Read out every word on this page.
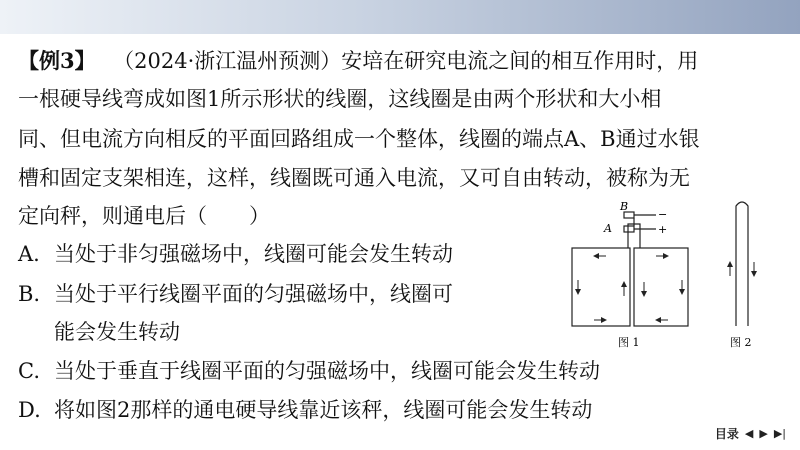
【例3】 （2024·浙江温州预测）安培在研究电流之间的相互作用时，用
一根硬导线弯成如图1所示形状的线圈，这线圈是由两个形状和大小相
同、但电流方向相反的平面回路组成一个整体，线圈的端点A、B通过水银
槽和固定支架相连，这样，线圈既可通入电流，又可自由转动，被称为无
定向秤，则通电后（　　）
A. 当处于非匀强磁场中，线圈可能会发生转动
B. 当处于平行线圈平面的匀强磁场中，线圈可
能会发生转动
C. 当处于垂直于线圈平面的匀强磁场中，线圈可能会发生转动
D. 将如图2那样的通电硬导线靠近该秤，线圈可能会发生转动
B
A
−
+
图 1	图 2
目录 ◀ ▶ ▶|
